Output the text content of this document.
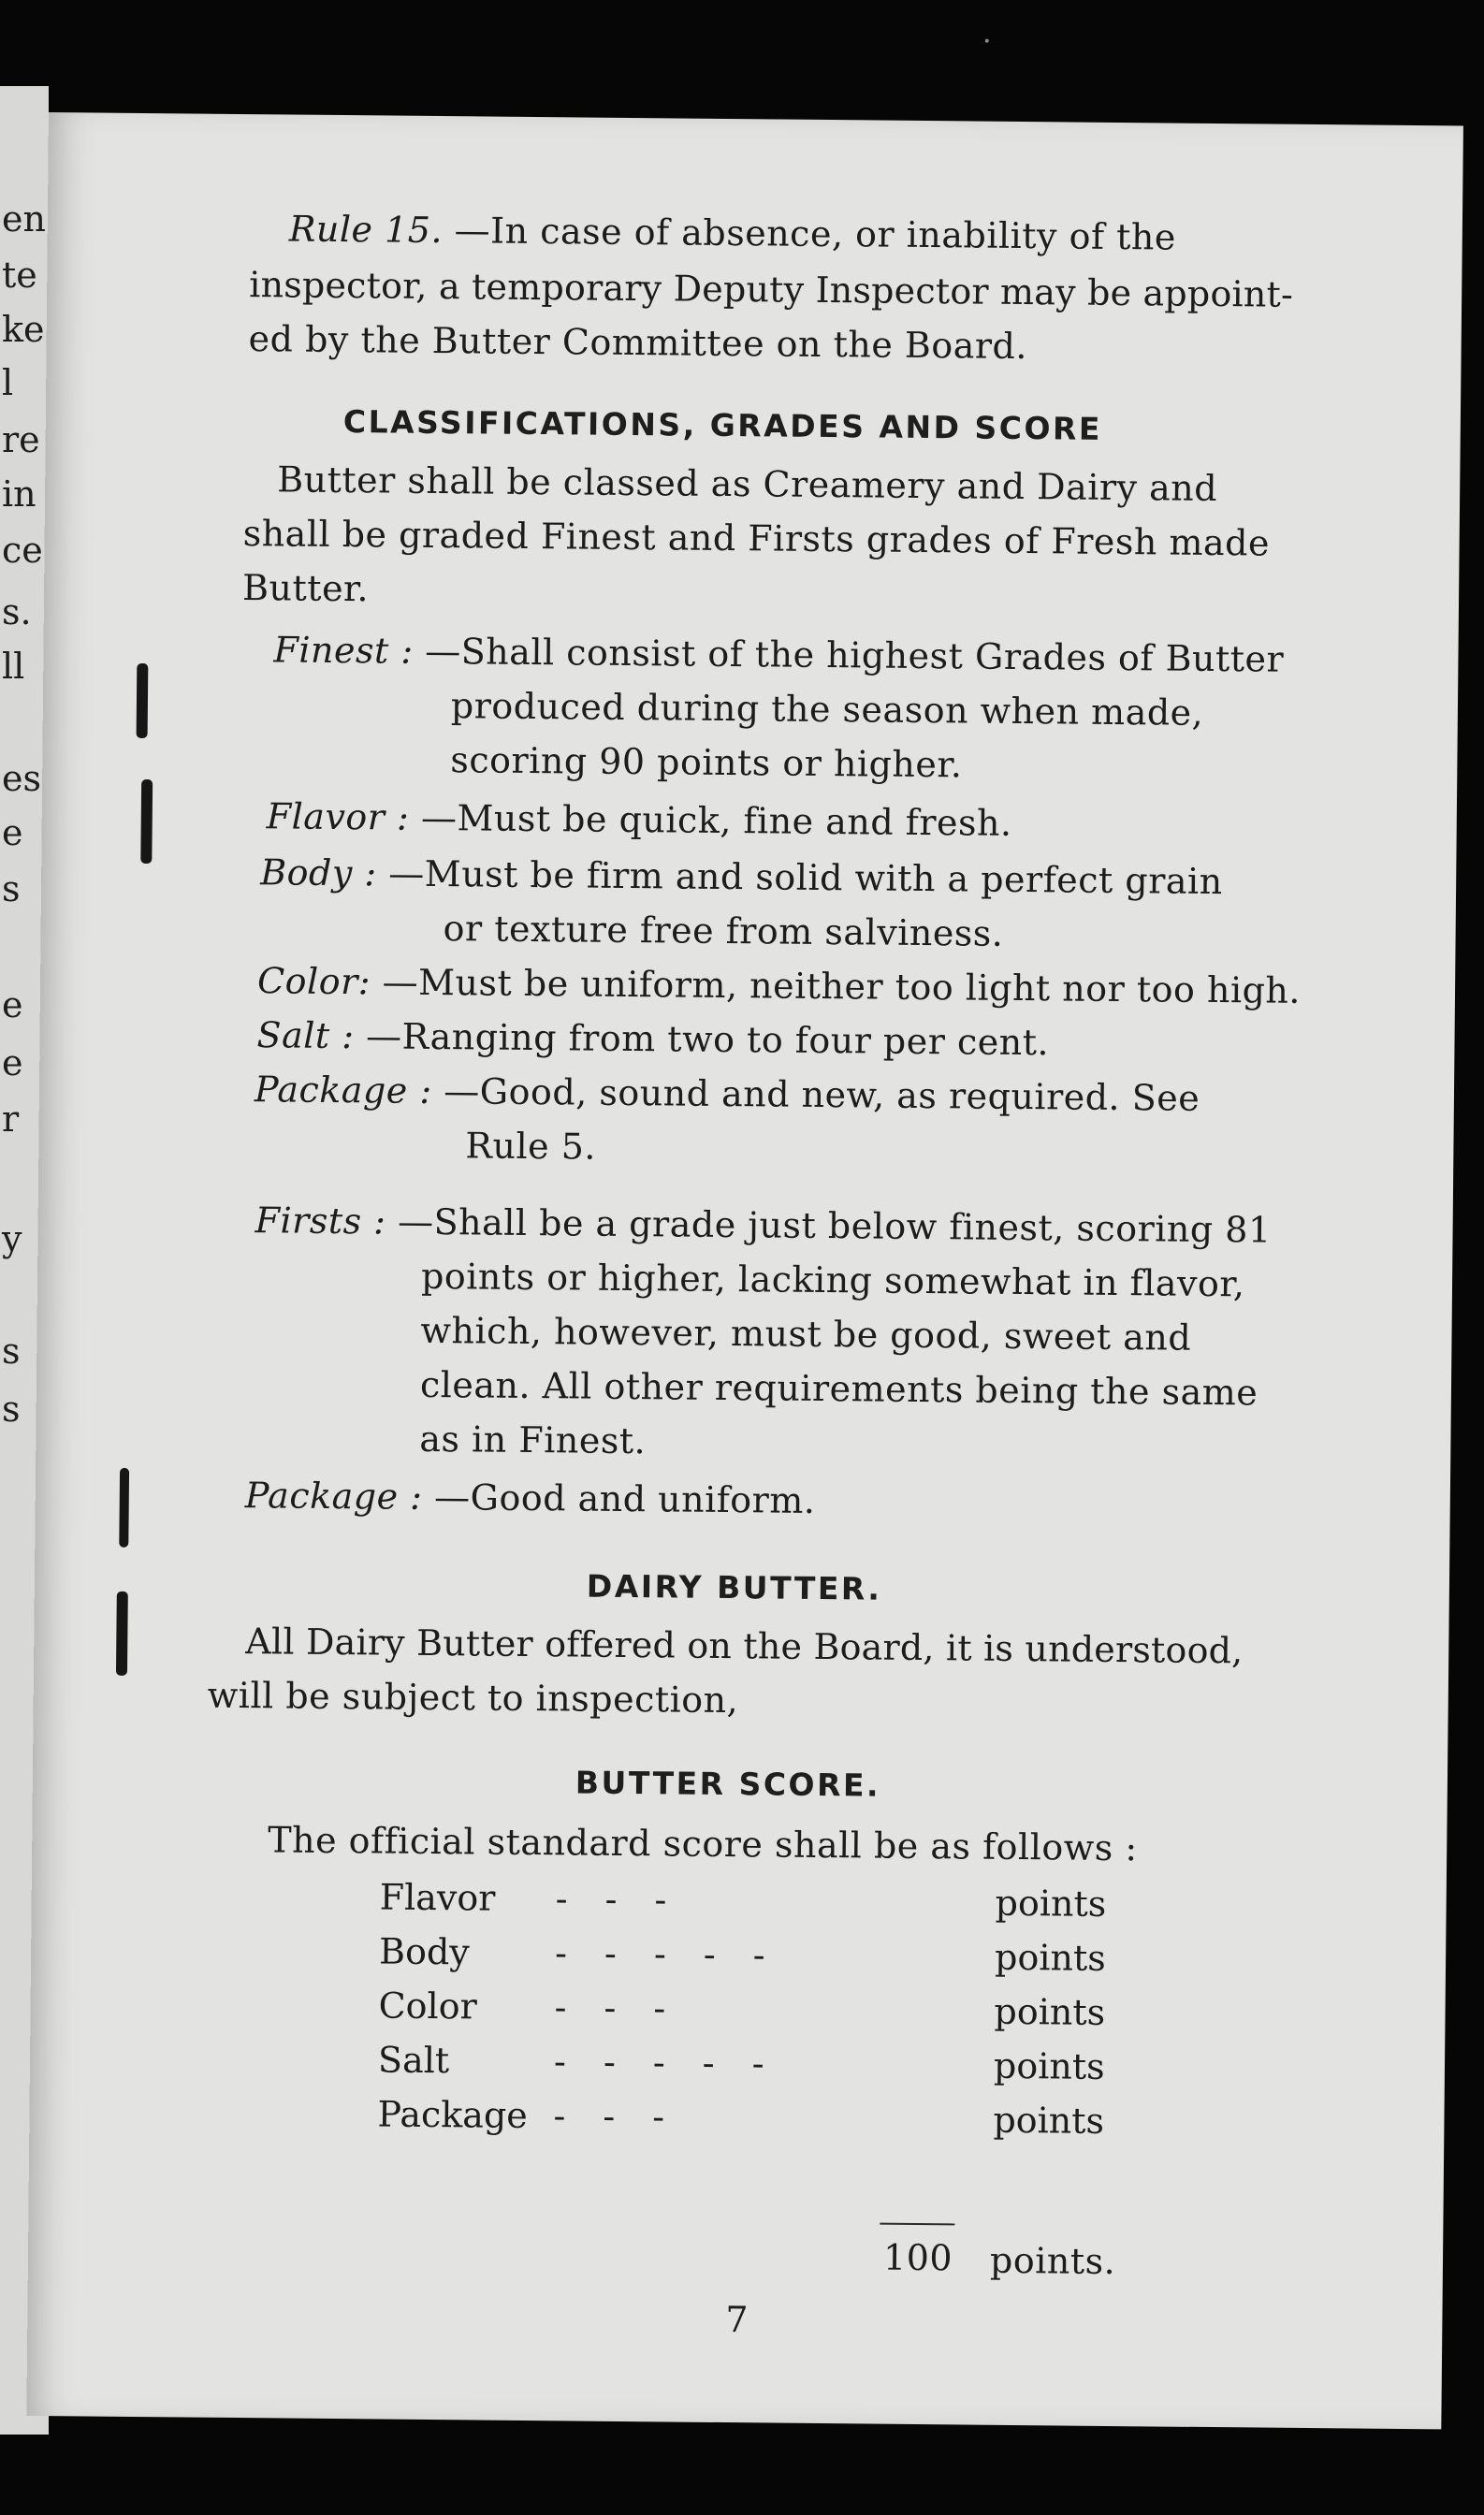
en
te
ke
l
re
in
ce
s.
ll
es
e
s
e
e
r
y
s
s
Rule 15. —In case of absence, or inability of the
inspector, a temporary Deputy Inspector may be appoint-
ed by the Butter Committee on the Board.
CLASSIFICATIONS, GRADES AND SCORE
Butter shall be classed as Creamery and Dairy and
shall be graded Finest and Firsts grades of Fresh made
Butter.
Finest : —Shall consist of the highest Grades of Butter
produced during the season when made,
scoring 90 points or higher.
Flavor : —Must be quick, fine and fresh.
Body : —Must be firm and solid with a perfect grain
or texture free from salviness.
Color: —Must be uniform, neither too light nor too high.
Salt : —Ranging from two to four per cent.
Package : —Good, sound and new, as required. See
Rule 5.
Firsts : —Shall be a grade just below finest, scoring 81
points or higher, lacking somewhat in flavor,
which, however, must be good, sweet and
clean. All other requirements being the same
as in Finest.
Package : —Good and uniform.
DAIRY BUTTER.
All Dairy Butter offered on the Board, it is understood,
will be subject to inspection,
BUTTER SCORE.
The official standard score shall be as follows :
Flavor - - -	points
Body - - - - -	points
Color - - -	points
Salt	- - - - -	points
Package - - -	points
100 points.
7
